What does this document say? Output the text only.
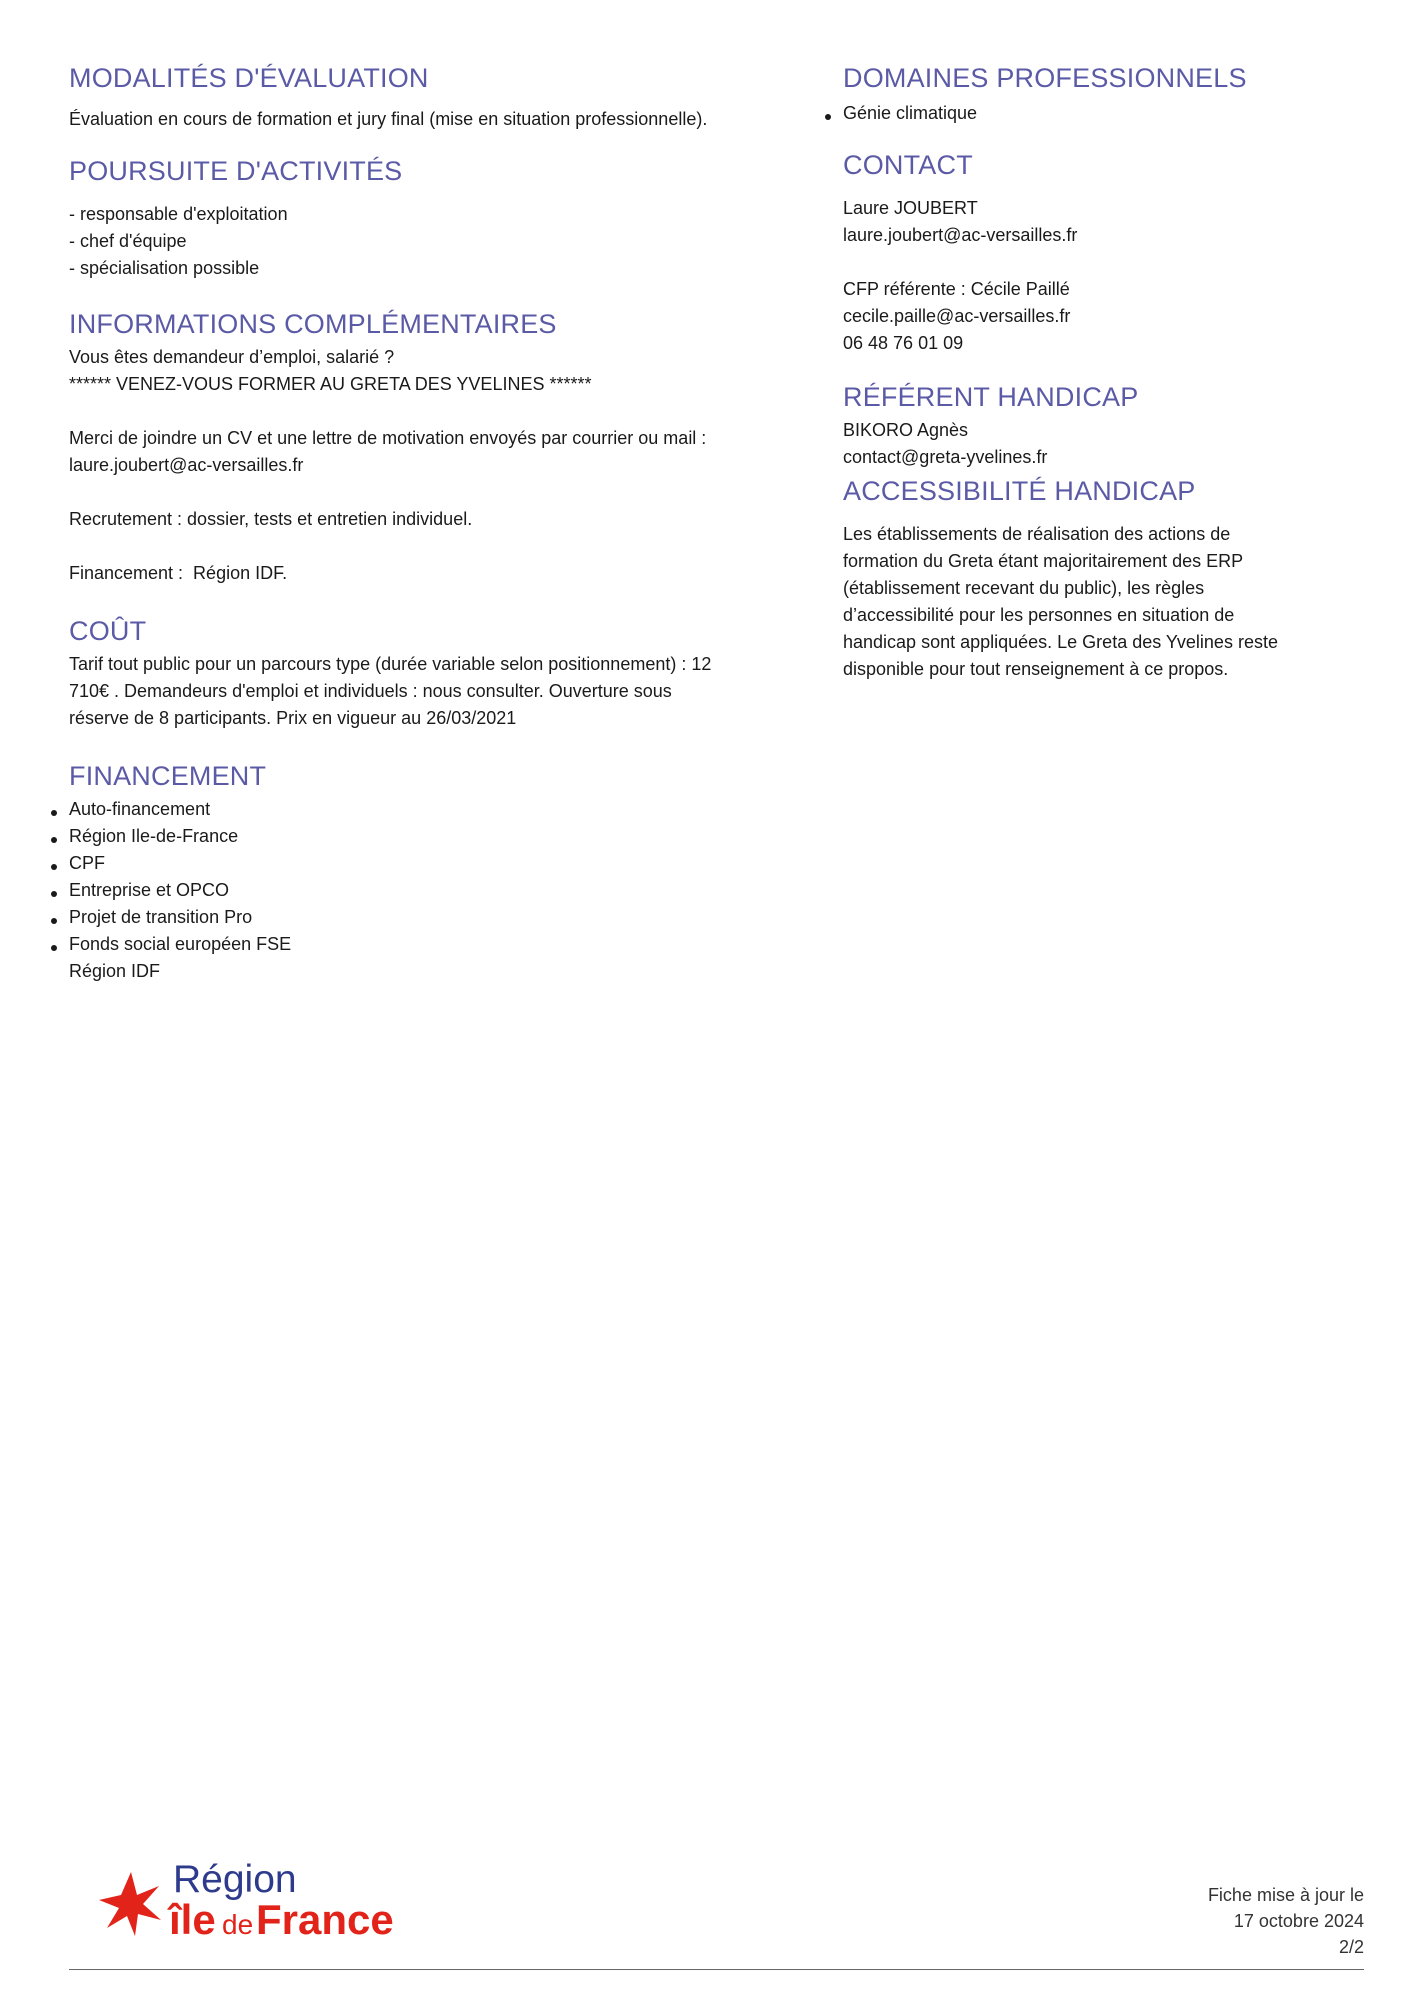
MODALITÉS D'ÉVALUATION
Évaluation en cours de formation et jury final (mise en situation professionnelle).
POURSUITE D'ACTIVITÉS
- responsable d'exploitation
- chef d'équipe
- spécialisation possible
INFORMATIONS COMPLÉMENTAIRES
Vous êtes demandeur d’emploi, salarié ?
****** VENEZ-VOUS FORMER AU GRETA DES YVELINES ******
Merci de joindre un CV et une lettre de motivation envoyés par courrier ou mail :
laure.joubert@ac-versailles.fr
Recrutement : dossier, tests et entretien individuel.
Financement :  Région IDF.
COÛT
Tarif tout public pour un parcours type (durée variable selon positionnement) : 12
710€ . Demandeurs d'emploi et individuels : nous consulter. Ouverture sous
réserve de 8 participants. Prix en vigueur au 26/03/2021
FINANCEMENT
Auto-financement
Région Ile-de-France
CPF
Entreprise et OPCO
Projet de transition Pro
Fonds social européen FSE
Région IDF
DOMAINES PROFESSIONNELS
Génie climatique
CONTACT
Laure JOUBERT
laure.joubert@ac-versailles.fr
CFP référente : Cécile Paillé
cecile.paille@ac-versailles.fr
06 48 76 01 09
RÉFÉRENT HANDICAP
BIKORO Agnès
contact@greta-yvelines.fr
ACCESSIBILITÉ HANDICAP
Les établissements de réalisation des actions de
formation du Greta étant majoritairement des ERP
(établissement recevant du public), les règles
d’accessibilité pour les personnes en situation de
handicap sont appliquées. Le Greta des Yvelines reste
disponible pour tout renseignement à ce propos.
Région
île de France
Fiche mise à jour le
17 octobre 2024
2/2
